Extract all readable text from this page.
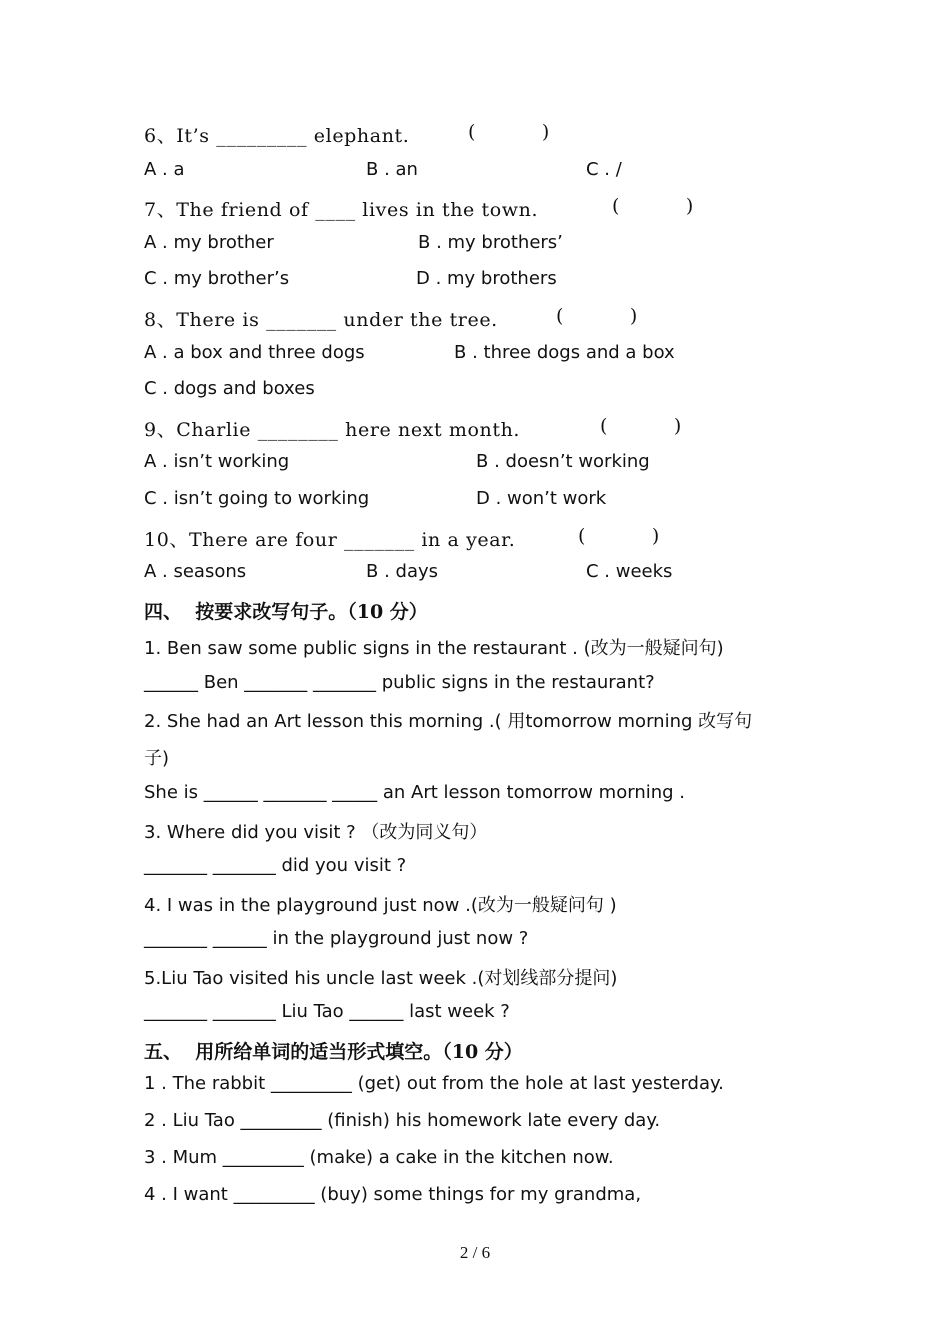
6、It’s _________ elephant.	(           )
A . a	B . an	C . /
7、The friend of ____ lives in the town.	(           )
A . my brother	B . my brothers’
C . my brother’s	D . my brothers
8、There is _______ under the tree.	(           )
A . a box and three dogs	B . three dogs and a box
C . dogs and boxes
9、Charlie ________ here next month.	(           )
A . isn’t working	B . doesn’t working
C . isn’t going to working	D . won’t work
10、There are four _______ in a year.	(           )
A . seasons	B . days	C . weeks
四、  按要求改写句子。（10 分）
1. Ben saw some public signs in the restaurant . (改为一般疑问句)
______ Ben _______ _______ public signs in the restaurant?
2. She had an Art lesson this morning .( 用tomorrow morning 改写句
子)
She is ______ _______ _____ an Art lesson tomorrow morning .
3. Where did you visit ? （改为同义句）
_______ _______ did you visit ?
4. I was in the playground just now .(改为一般疑问句 )
_______ ______ in the playground just now ?
5.Liu Tao visited his uncle last week .(对划线部分提问)
_______ _______ Liu Tao ______ last week ?
五、  用所给单词的适当形式填空。（10 分）
1 . The rabbit _________ (get) out from the hole at last yesterday.
2 . Liu Tao _________ (finish) his homework late every day.
3 . Mum _________ (make) a cake in the kitchen now.
4 . I want _________ (buy) some things for my grandma,
2 / 6
